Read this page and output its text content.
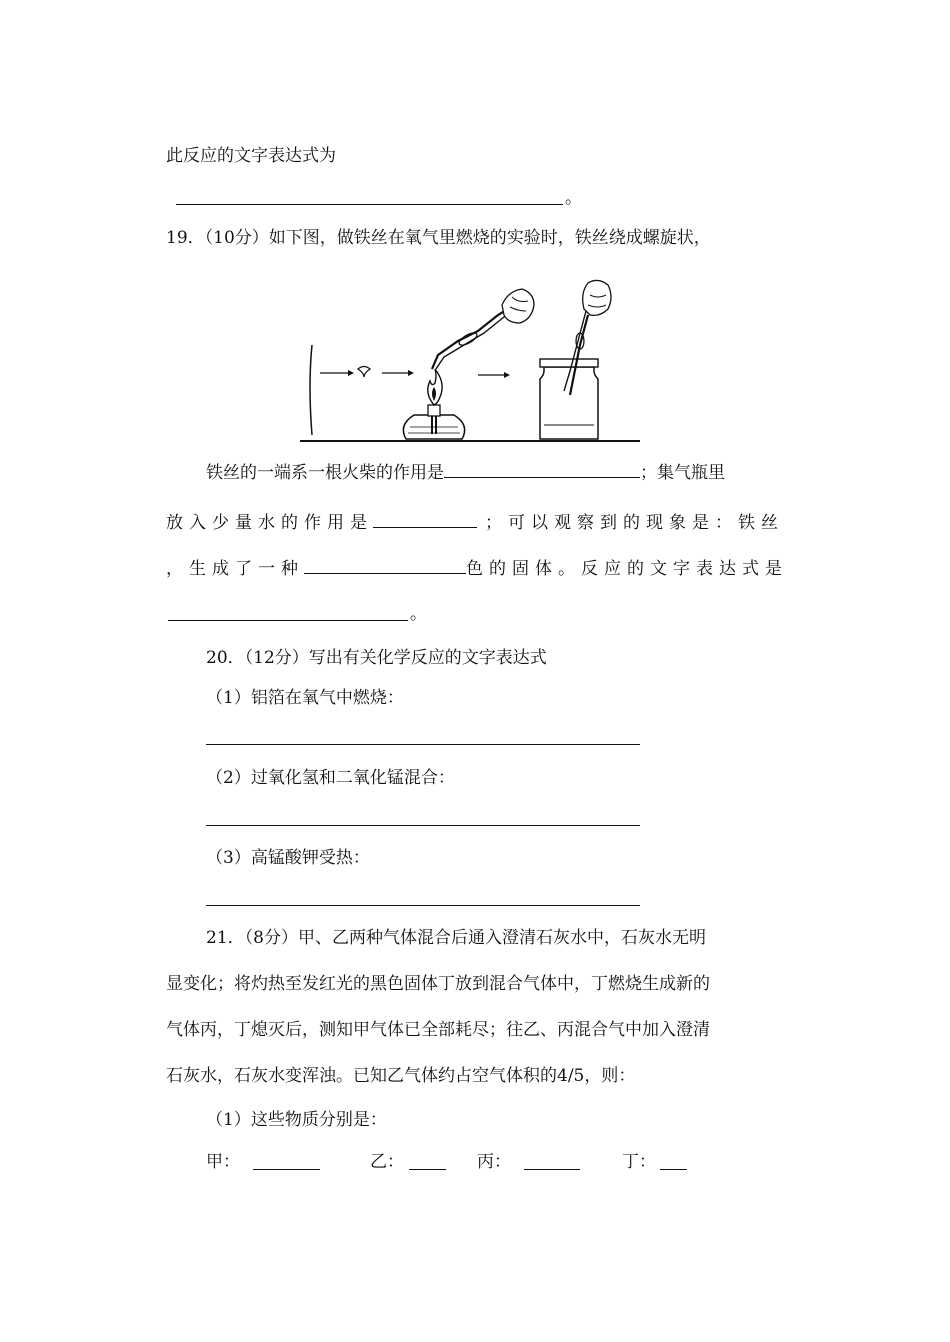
此反应的文字表达式为
。
19．（10分）如下图，做铁丝在氧气里燃烧的实验时，铁丝绕成螺旋状，
铁丝的一端系一根火柴的作用是	；集气瓶里
放入少量水的作用是	；可以观察到的现象是：铁丝
，生成了一种	色的固体。反应的文字表达式是
。
20．（12分）写出有关化学反应的文字表达式
（1）铝箔在氧气中燃烧：
（2）过氧化氢和二氧化锰混合：
（3）高锰酸钾受热：
21．（8分）甲、乙两种气体混合后通入澄清石灰水中，石灰水无明
显变化；将灼热至发红光的黑色固体丁放到混合气体中，丁燃烧生成新的
气体丙，丁熄灭后，测知甲气体已全部耗尽；往乙、丙混合气中加入澄清
石灰水，石灰水变浑浊。已知乙气体约占空气体积的4/5，则：
（1）这些物质分别是：
甲：	乙：	丙：	丁：
